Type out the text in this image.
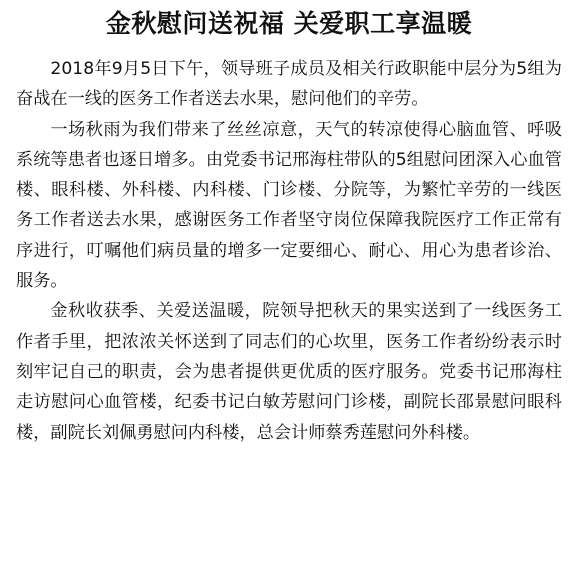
金秋慰问送祝福 关爱职工享温暖

2018年9月5日下午，领导班子成员及相关行政职能中层分为5组为奋战在一线的医务工作者送去水果，慰问他们的辛劳。

一场秋雨为我们带来了丝丝凉意，天气的转凉使得心脑血管、呼吸系统等患者也逐日增多。由党委书记邢海柱带队的5组慰问团深入心血管楼、眼科楼、外科楼、内科楼、门诊楼、分院等，为繁忙辛劳的一线医务工作者送去水果，感谢医务工作者坚守岗位保障我院医疗工作正常有序进行，叮嘱他们病员量的增多一定要细心、耐心、用心为患者诊治、服务。

金秋收获季、关爱送温暖，院领导把秋天的果实送到了一线医务工作者手里，把浓浓关怀送到了同志们的心坎里，医务工作者纷纷表示时刻牢记自己的职责，会为患者提供更优质的医疗服务。党委书记邢海柱走访慰问心血管楼，纪委书记白敏芳慰问门诊楼，副院长邵景慰问眼科楼，副院长刘佩勇慰问内科楼，总会计师蔡秀莲慰问外科楼。
